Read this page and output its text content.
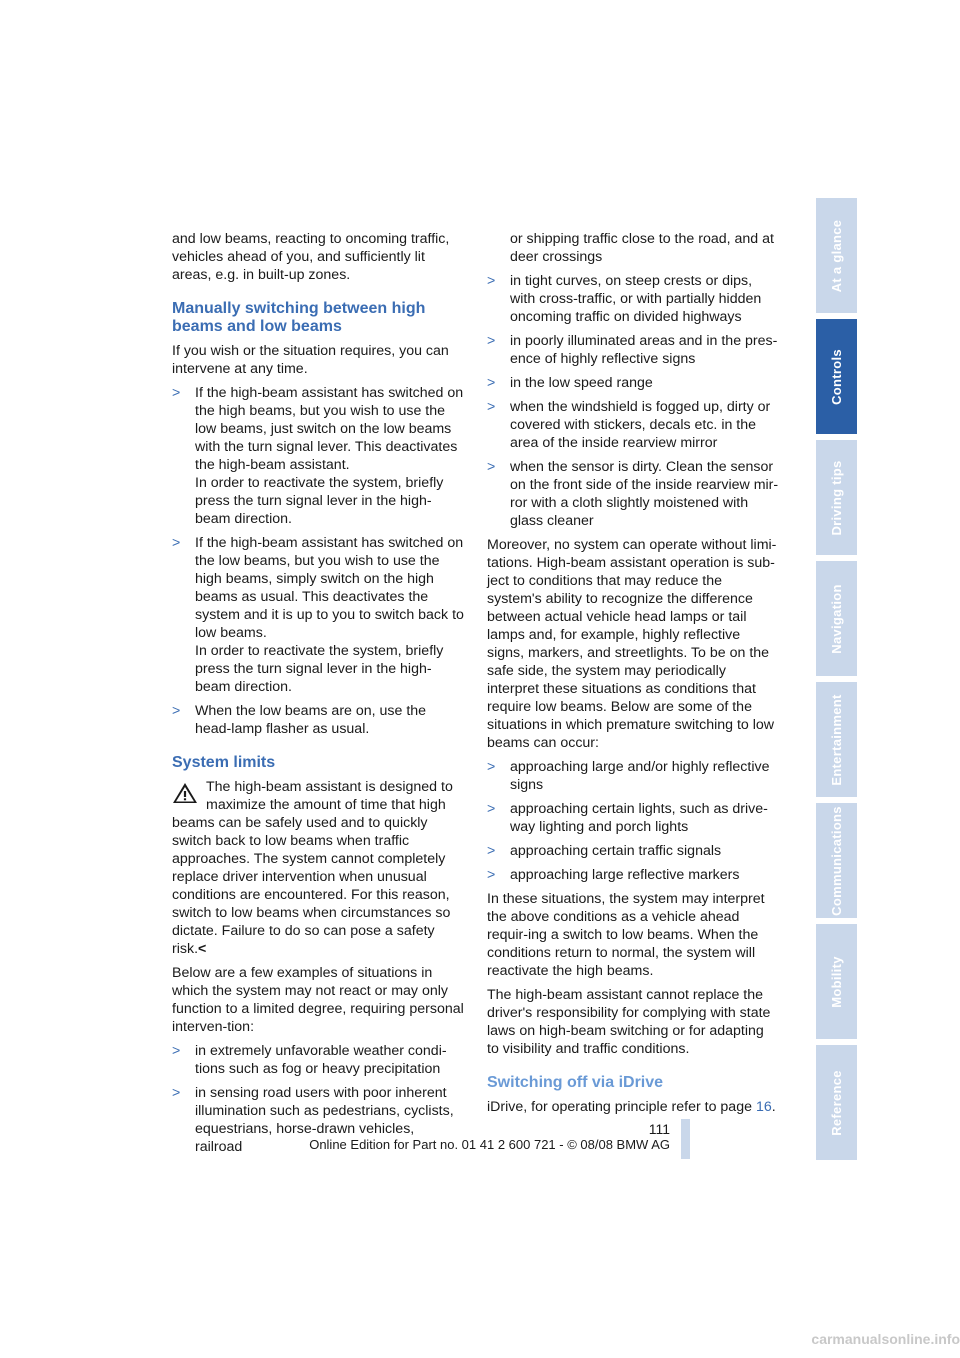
and low beams, reacting to oncoming traffic, vehicles ahead of you, and sufficiently lit areas, e.g. in built-up zones.

Manually switching between high beams and low beams

If you wish or the situation requires, you can intervene at any time.

> If the high-beam assistant has switched on the high beams, but you wish to use the low beams, just switch on the low beams with the turn signal lever. This deactivates the high-beam assistant.
In order to reactivate the system, briefly press the turn signal lever in the high-beam direction.
> If the high-beam assistant has switched on the low beams, but you wish to use the high beams, simply switch on the high beams as usual. This deactivates the system and it is up to you to switch back to low beams.
In order to reactivate the system, briefly press the turn signal lever in the high-beam direction.
> When the low beams are on, use the head-lamp flasher as usual.
System limits

The high-beam assistant is designed to
maximize the amount of time that high
beams can be safely used and to quickly switch back to low beams when traffic approaches. The system cannot completely replace driver intervention when unusual conditions are encountered. For this reason, switch to low beams when circumstances so dictate. Failure to do so can pose a safety risk.<

Below are a few examples of situations in which the system may not react or may only function to a limited degree, requiring personal interven-tion:

> in extremely unfavorable weather condi-tions such as fog or heavy precipitation
> in sensing road users with poor inherent illumination such as pedestrians, cyclists, equestrians, horse-drawn vehicles, railroad
or shipping traffic close to the road, and at deer crossings
> in tight curves, on steep crests or dips, with cross-traffic, or with partially hidden oncoming traffic on divided highways
> in poorly illuminated areas and in the pres-ence of highly reflective signs
> in the low speed range
> when the windshield is fogged up, dirty or covered with stickers, decals etc. in the area of the inside rearview mirror
> when the sensor is dirty. Clean the sensor on the front side of the inside rearview mir-ror with a cloth slightly moistened with glass cleaner

Moreover, no system can operate without limi-tations. High-beam assistant operation is sub-ject to conditions that may reduce the system's ability to recognize the difference between actual vehicle head lamps or tail lamps and, for example, highly reflective signs, markers, and streetlights. To be on the safe side, the system may periodically interpret these situations as conditions that require low beams. Below are some of the situations in which premature switching to low beams can occur:

> approaching large and/or highly reflective signs
> approaching certain lights, such as drive-way lighting and porch lights
> approaching certain traffic signals
> approaching large reflective markers

In these situations, the system may interpret the above conditions as a vehicle ahead requir-ing a switch to low beams. When the conditions return to normal, the system will reactivate the high beams.

The high-beam assistant cannot replace the driver's responsibility for complying with state laws on high-beam switching or for adapting to visibility and traffic conditions.

Switching off via iDrive

iDrive, for operating principle refer to page 16.

At a glance
Controls
Driving tips
Navigation
Entertainment
Communications
Mobility
Reference
111
Online Edition for Part no. 01 41 2 600 721 - © 08/08 BMW AG
carmanualsonline.info
